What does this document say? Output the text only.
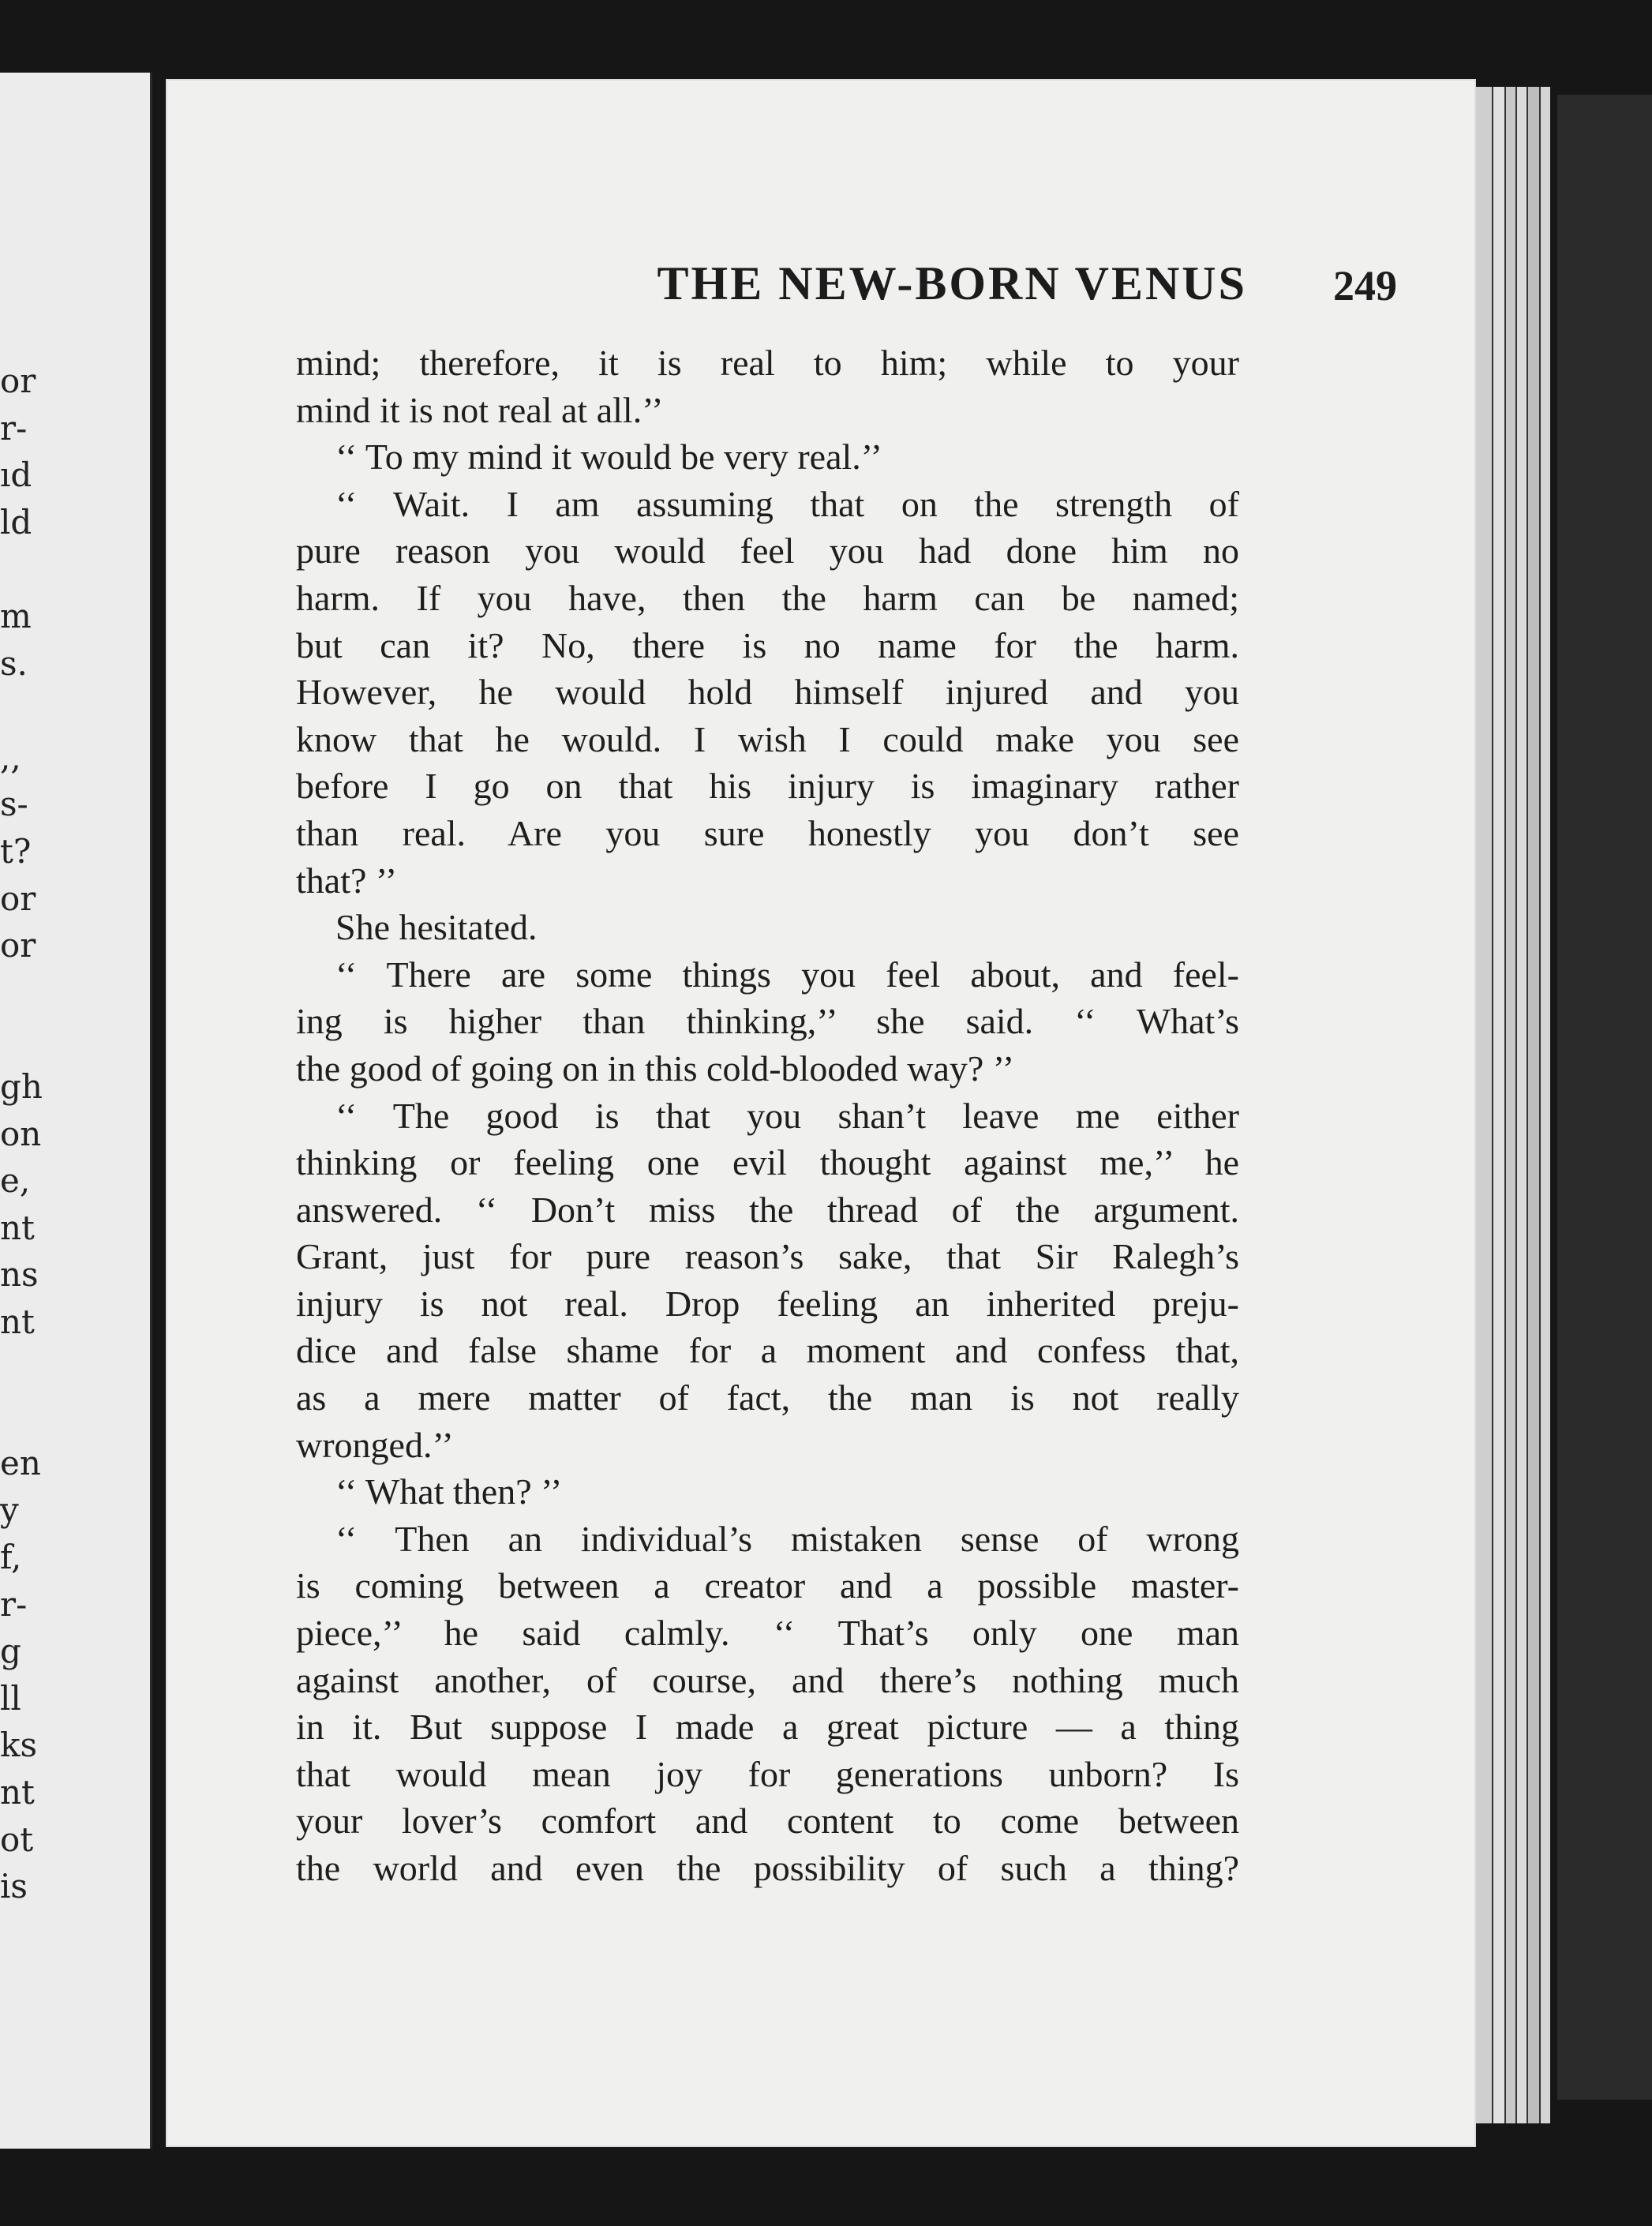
or
r-
ıd
ld
m
s.
,,
s-
t?
or
or
gh
on
e,
nt
ns
nt
en
y
f,
r-
g
ll
ks
nt
ot
is
THE NEW-BORN VENUS 249
mind; therefore, it is real to him; while to your
mind it is not real at all.’’
‘‘ To my mind it would be very real.’’
‘‘ Wait. I am assuming that on the strength of
pure reason you would feel you had done him no
harm. If you have, then the harm can be named;
but can it? No, there is no name for the harm.
However, he would hold himself injured and you
know that he would. I wish I could make you see
before I go on that his injury is imaginary rather
than real. Are you sure honestly you don’t see
that? ’’
She hesitated.
‘‘ There are some things you feel about, and feel-
ing is higher than thinking,’’ she said. ‘‘ What’s
the good of going on in this cold-blooded way? ’’
‘‘ The good is that you shan’t leave me either
thinking or feeling one evil thought against me,’’ he
answered. ‘‘ Don’t miss the thread of the argument.
Grant, just for pure reason’s sake, that Sir Ralegh’s
injury is not real. Drop feeling an inherited preju-
dice and false shame for a moment and confess that,
as a mere matter of fact, the man is not really
wronged.’’
‘‘ What then? ’’
‘‘ Then an individual’s mistaken sense of wrong
is coming between a creator and a possible master-
piece,’’ he said calmly. ‘‘ That’s only one man
against another, of course, and there’s nothing much
in it. But suppose I made a great picture — a thing
that would mean joy for generations unborn? Is
your lover’s comfort and content to come between
the world and even the possibility of such a thing?
